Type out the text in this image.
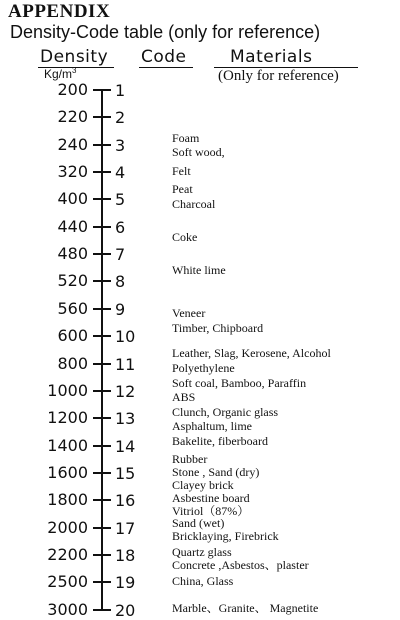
APPENDIX
Density-Code table (only for reference)
Density Code	Materials
$Kg/m^3$	(Only for reference)
200 1
220 2
240 3
320 4
400 5
440 6
480 7
520 8
560 9
600 10
800 11
1000 12
1200 13
1400 14
1600 15
1800 16
2000 17
2200 18
2500 19
3000 20
Foam
Soft wood,
Felt
Peat
Charcoal
Coke
White lime
Veneer
Timber, Chipboard
Leather, Slag, Kerosene, Alcohol
Polyethylene
Soft coal, Bamboo, Paraffin
ABS
Clunch, Organic glass
Asphaltum, lime
Bakelite, fiberboard
Rubber
Stone , Sand (dry)
Clayey brick
Asbestine board
Vitriol（87%）
Sand (wet)
Bricklaying, Firebrick
Quartz glass
Concrete ,Asbestos、plaster
China, Glass
Marble、Granite、 Magnetite
